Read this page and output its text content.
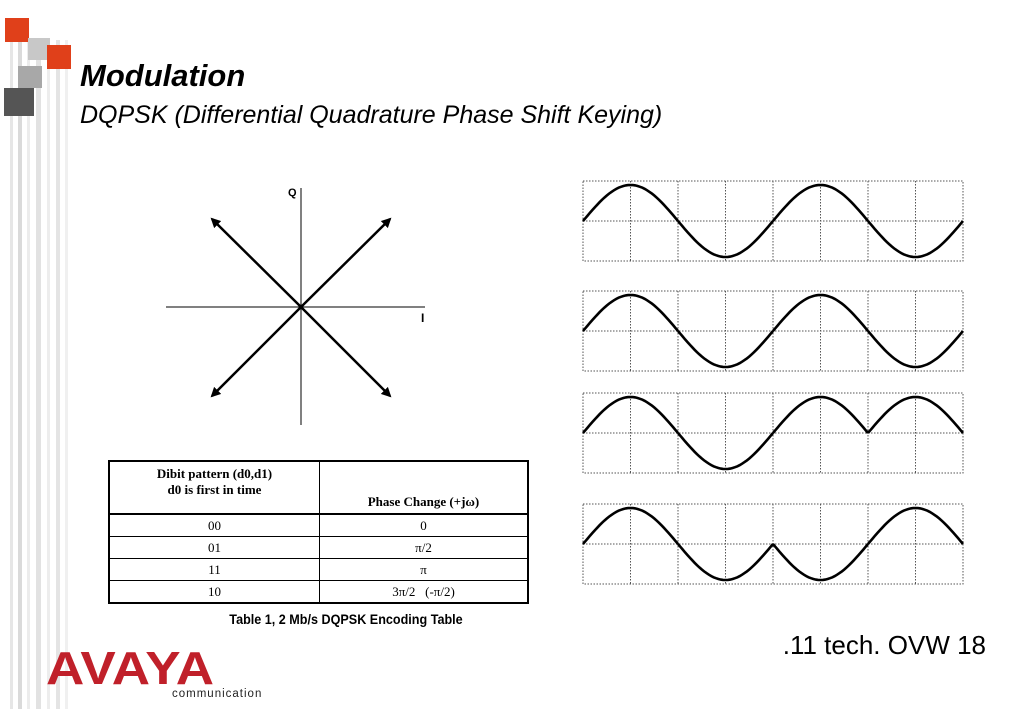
Modulation
DQPSK (Differential Quadrature Phase Shift Keying)
Q
I
Dibit pattern (d0,d1)
d0 is first in time	Phase Change (+jω)
00	0
01	π/2
11	π
10	3π/2   (-π/2)
Table 1, 2 Mb/s DQPSK Encoding Table
.11 tech. OVW 18
AVAYA
communication
